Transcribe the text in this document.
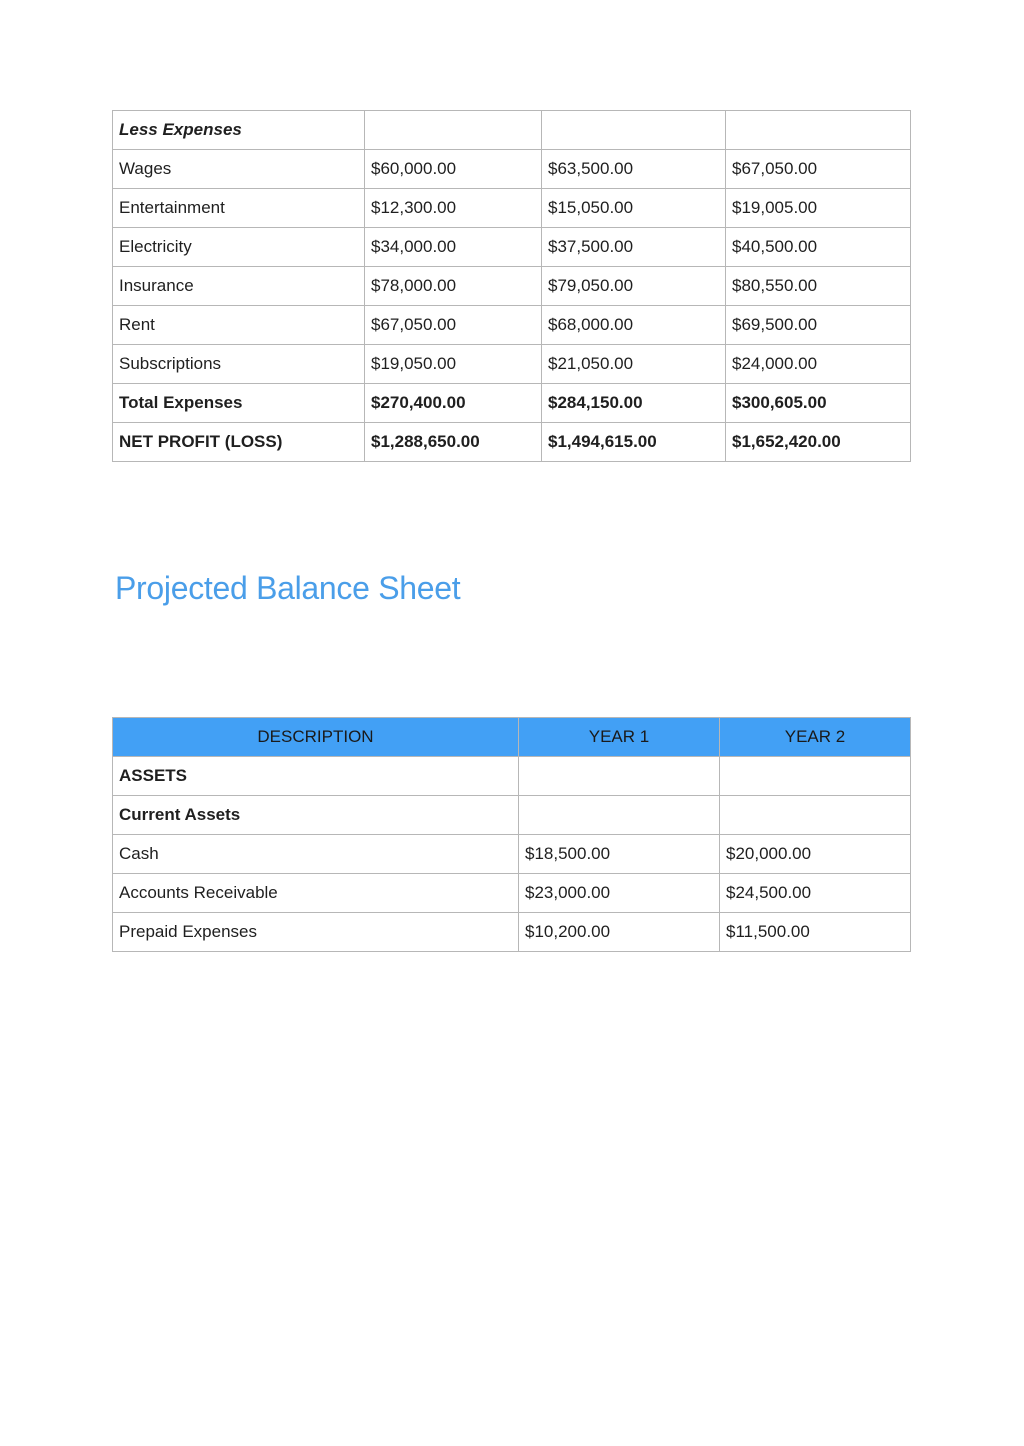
Less Expenses			
Wages	$60,000.00	$63,500.00	$67,050.00
Entertainment	$12,300.00	$15,050.00	$19,005.00
Electricity	$34,000.00	$37,500.00	$40,500.00
Insurance	$78,000.00	$79,050.00	$80,550.00
Rent	$67,050.00	$68,000.00	$69,500.00
Subscriptions	$19,050.00	$21,050.00	$24,000.00
Total Expenses	$270,400.00	$284,150.00	$300,605.00
NET PROFIT (LOSS)	$1,288,650.00	$1,494,615.00	$1,652,420.00
Projected Balance Sheet
DESCRIPTION	YEAR 1	YEAR 2
ASSETS		
Current Assets		
Cash	$18,500.00	$20,000.00
Accounts Receivable	$23,000.00	$24,500.00
Prepaid Expenses	$10,200.00	$11,500.00
